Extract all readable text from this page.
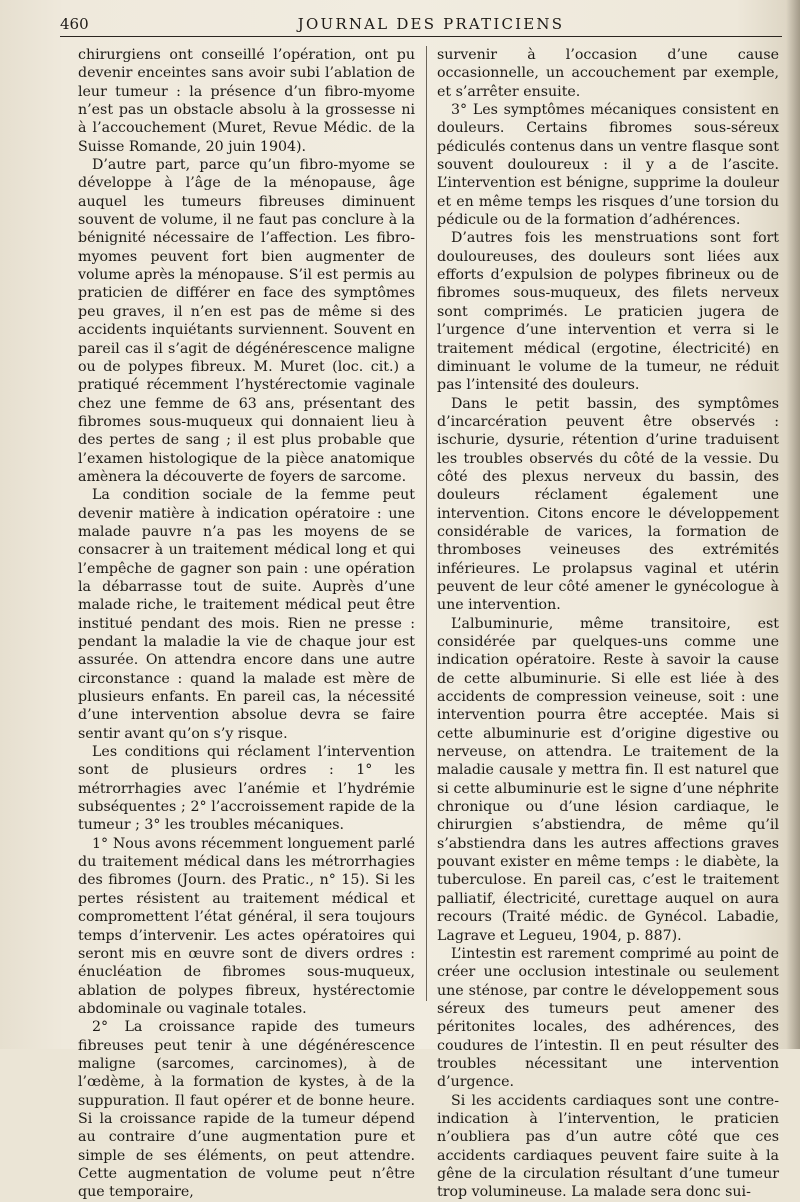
460	JOURNAL DES PRATICIENS

chirurgiens ont conseillé l’opération, ont pu devenir enceintes sans avoir subi l’ablation de leur tumeur : la présence d’un fibro-myome n’est pas un obstacle absolu à la grossesse ni à l’accouchement (Muret, Revue Médic. de la Suisse Romande, 20 juin 1904).

D’autre part, parce qu’un fibro-myome se développe à l’âge de la ménopause, âge auquel les tumeurs fibreuses diminuent souvent de volume, il ne faut pas conclure à la bénignité nécessaire de l’affection. Les fibro-myomes peuvent fort bien augmenter de volume après la ménopause. S’il est permis au praticien de différer en face des symptômes peu graves, il n’en est pas de même si des accidents inquiétants surviennent. Souvent en pareil cas il s’agit de dégénérescence maligne ou de polypes fibreux. M. Muret (loc. cit.) a pratiqué récemment l’hystérectomie vaginale chez une femme de 63 ans, présentant des fibromes sous-muqueux qui donnaient lieu à des pertes de sang ; il est plus probable que l’examen histologique de la pièce anatomique amènera la découverte de foyers de sarcome.

La condition sociale de la femme peut devenir matière à indication opératoire : une malade pauvre n’a pas les moyens de se consacrer à un traitement médical long et qui l’empêche de gagner son pain : une opération la débarrasse tout de suite. Auprès d’une malade riche, le traitement médical peut être institué pendant des mois. Rien ne presse : pendant la maladie la vie de chaque jour est assurée. On attendra encore dans une autre circonstance : quand la malade est mère de plusieurs enfants. En pareil cas, la nécessité d’une intervention absolue devra se faire sentir avant qu’on s’y risque.

Les conditions qui réclament l’intervention sont de plusieurs ordres : 1° les métrorrhagies avec l’anémie et l’hydrémie subséquentes ; 2° l’accroissement rapide de la tumeur ; 3° les troubles mécaniques.

1° Nous avons récemment longuement parlé du traitement médical dans les métrorrhagies des fibromes (Journ. des Pratic., n° 15). Si les pertes résistent au traitement médical et compromettent l’état général, il sera toujours temps d’intervenir. Les actes opératoires qui seront mis en œuvre sont de divers ordres : énucléation de fibromes sous-muqueux, ablation de polypes fibreux, hystérectomie abdominale ou vaginale totales.

2° La croissance rapide des tumeurs fibreuses peut tenir à une dégénérescence maligne (sarcomes, carcinomes), à de l’œdème, à la formation de kystes, à de la suppuration. Il faut opérer et de bonne heure. Si la croissance rapide de la tumeur dépend au contraire d’une augmentation pure et simple de ses éléments, on peut attendre. Cette augmentation de volume peut n’être que temporaire,

survenir à l’occasion d’une cause occasionnelle, un accouchement par exemple, et s’arrêter ensuite.

3° Les symptômes mécaniques consistent en douleurs. Certains fibromes sous-séreux pédiculés contenus dans un ventre flasque sont souvent douloureux : il y a de l’ascite. L’intervention est bénigne, supprime la douleur et en même temps les risques d’une torsion du pédicule ou de la formation d’adhérences.

D’autres fois les menstruations sont fort douloureuses, des douleurs sont liées aux efforts d’expulsion de polypes fibrineux ou de fibromes sous-muqueux, des filets nerveux sont comprimés. Le praticien jugera de l’urgence d’une intervention et verra si le traitement médical (ergotine, électricité) en diminuant le volume de la tumeur, ne réduit pas l’intensité des douleurs.

Dans le petit bassin, des symptômes d’incarcération peuvent être observés : ischurie, dysurie, rétention d’urine traduisent les troubles observés du côté de la vessie. Du côté des plexus nerveux du bassin, des douleurs réclament également une intervention. Citons encore le développement considérable de varices, la formation de thromboses veineuses des extrémités inférieures. Le prolapsus vaginal et utérin peuvent de leur côté amener le gynécologue à une intervention.

L’albuminurie, même transitoire, est considérée par quelques-uns comme une indication opératoire. Reste à savoir la cause de cette albuminurie. Si elle est liée à des accidents de compression veineuse, soit : une intervention pourra être acceptée. Mais si cette albuminurie est d’origine digestive ou nerveuse, on attendra. Le traitement de la maladie causale y mettra fin. Il est naturel que si cette albuminurie est le signe d’une néphrite chronique ou d’une lésion cardiaque, le chirurgien s’abstiendra, de même qu’il s’abstiendra dans les autres affections graves pouvant exister en même temps : le diabète, la tuberculose. En pareil cas, c’est le traitement palliatif, électricité, curettage auquel on aura recours (Traité médic. de Gynécol. Labadie, Lagrave et Legueu, 1904, p. 887).

L’intestin est rarement comprimé au point de créer une occlusion intestinale ou seulement une sténose, par contre le développement sous séreux des tumeurs peut amener des péritonites locales, des adhérences, des coudures de l’intestin. Il en peut résulter des troubles nécessitant une intervention d’urgence.

Si les accidents cardiaques sont une contre-indication à l’intervention, le praticien n’oubliera pas d’un autre côté que ces accidents cardiaques peuvent faire suite à la gêne de la circulation résultant d’une tumeur trop volumineuse. La malade sera donc sui-
